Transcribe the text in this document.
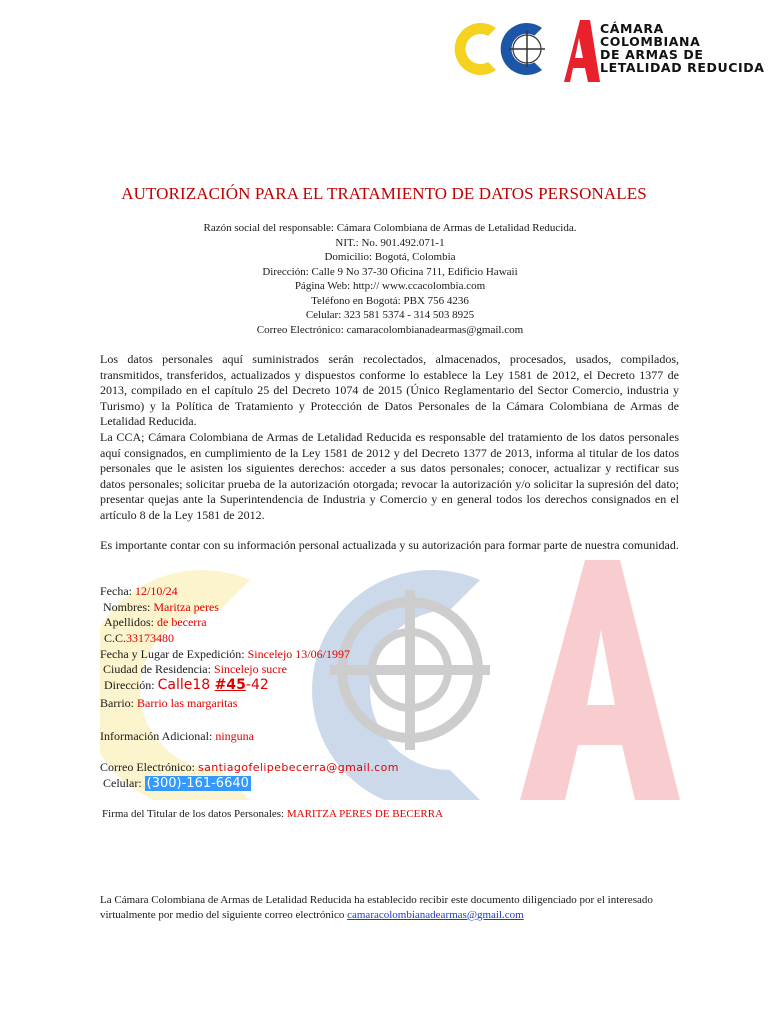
CÁMARA
COLOMBIANA
DE ARMAS DE
LETALIDAD REDUCIDA
AUTORIZACIÓN PARA EL TRATAMIENTO DE DATOS PERSONALES
Razón social del responsable: Cámara Colombiana de Armas de Letalidad Reducida.
NIT.: No. 901.492.071-1
Domicilio: Bogotá, Colombia
Dirección: Calle 9 No 37-30 Oficina 711, Edificio Hawaii
Página Web: http:// www.ccacolombia.com
Teléfono en Bogotá: PBX 756 4236
Celular: 323 581 5374 - 314 503 8925
Correo Electrónico: camaracolombianadearmas@gmail.com
Los datos personales aquí suministrados serán recolectados, almacenados, procesados, usados, compilados, transmitidos, transferidos, actualizados y dispuestos conforme lo establece la Ley 1581 de 2012, el Decreto 1377 de 2013, compilado en el capítulo 25 del Decreto 1074 de 2015 (Único Reglamentario del Sector Comercio, industria y Turismo) y la Política de Tratamiento y Protección de Datos Personales de la Cámara Colombiana de Armas de Letalidad Reducida.
La CCA; Cámara Colombiana de Armas de Letalidad Reducida es responsable del tratamiento de los datos personales aquí consignados, en cumplimiento de la Ley 1581 de 2012 y del Decreto 1377 de 2013, informa al titular de los datos personales que le asisten los siguientes derechos: acceder a sus datos personales; conocer, actualizar y rectificar sus datos personales; solicitar prueba de la autorización otorgada; revocar la autorización y/o solicitar la supresión del dato; presentar quejas ante la Superintendencia de Industria y Comercio y en general todos los derechos consignados en el artículo 8 de la Ley 1581 de 2012.
Es importante contar con su información personal actualizada y su autorización para formar parte de nuestra comunidad.
Fecha: 12/10/24
Nombres: Maritza peres
Apellidos: de becerra
C.C.33173480
Fecha y Lugar de Expedición: Sincelejo 13/06/1997
Ciudad de Residencia: Sincelejo sucre
Dirección: Calle18 #45-42
Barrio: Barrio las margaritas
Información Adicional: ninguna
Correo Electrónico: santiagofelipebecerra@gmail.com
Celular: (300)-161-6640
Firma del Titular de los datos Personales: MARITZA PERES DE BECERRA
La Cámara Colombiana de Armas de Letalidad Reducida ha establecido recibir este documento diligenciado por el interesado virtualmente por medio del siguiente correo electrónico camaracolombianadearmas@gmail.com
